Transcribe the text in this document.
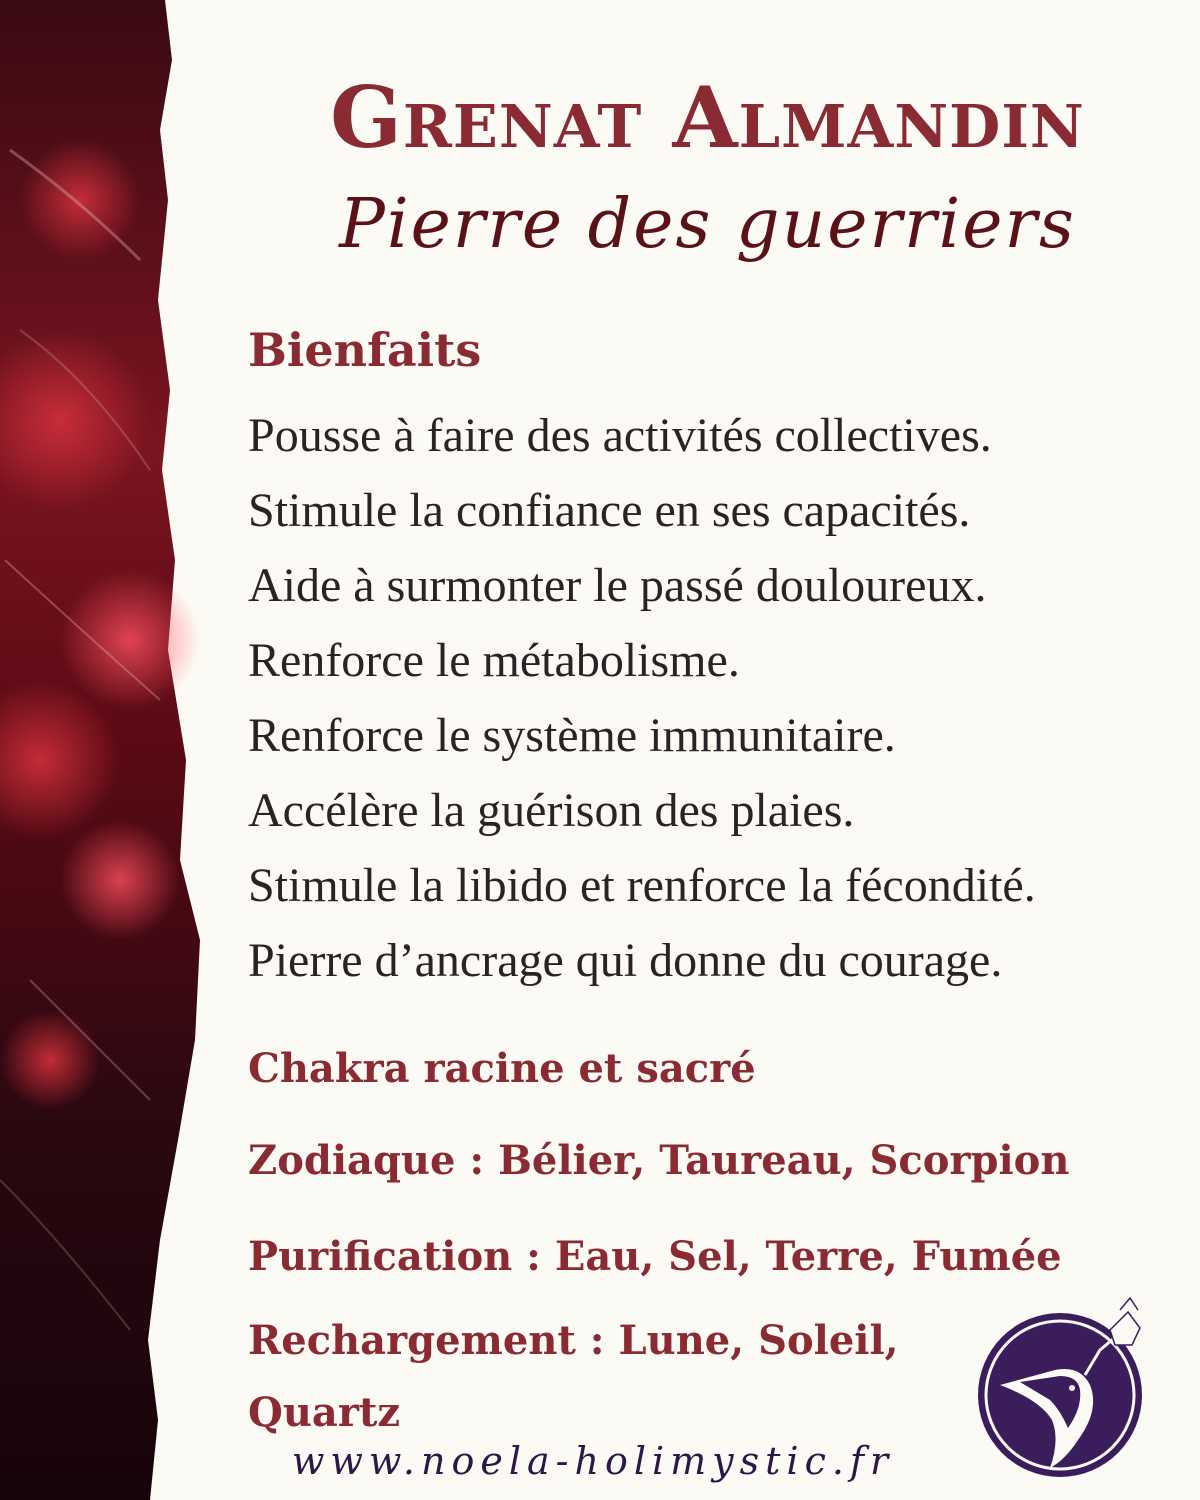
Grenat Almandin
Pierre des guerriers
Bienfaits
Pousse à faire des activités collectives.
Stimule la confiance en ses capacités.
Aide à surmonter le passé douloureux.
Renforce le métabolisme.
Renforce le système immunitaire.
Accélère la guérison des plaies.
Stimule la libido et renforce la fécondité.
Pierre d’ancrage qui donne du courage.

Chakra racine et sacré

Zodiaque : Bélier, Taureau, Scorpion

Purification : Eau, Sel, Terre, Fumée

Rechargement : Lune, Soleil, Quartz

www.noela-holimystic.fr
